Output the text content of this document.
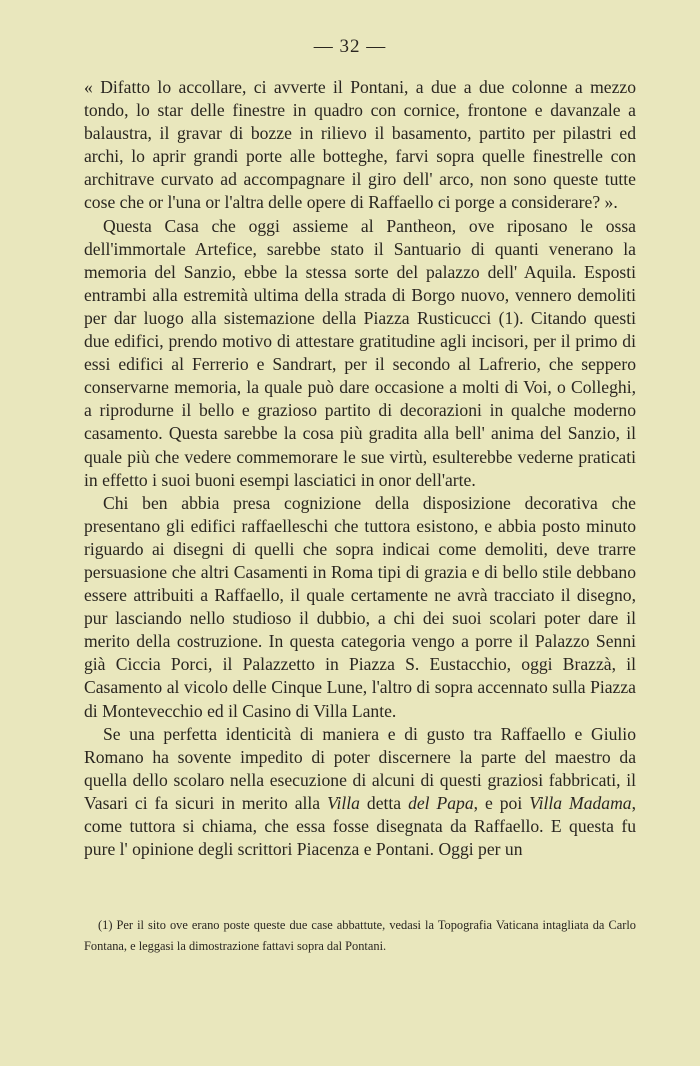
— 32 —

« Difatto lo accollare, ci avverte il Pontani, a due a due colonne a mezzo tondo, lo star delle finestre in quadro con cornice, frontone e davanzale a balaustra, il gravar di bozze in rilievo il basamento, partito per pilastri ed archi, lo aprir grandi porte alle botteghe, farvi sopra quelle finestrelle con architrave curvato ad accompagnare il giro dell' arco, non sono queste tutte cose che or l'una or l'altra delle opere di Raffaello ci porge a considerare? ».

Questa Casa che oggi assieme al Pantheon, ove riposano le ossa dell'immortale Artefice, sarebbe stato il Santuario di quanti venerano la memoria del Sanzio, ebbe la stessa sorte del palazzo dell' Aquila. Esposti entrambi alla estremità ultima della strada di Borgo nuovo, vennero demoliti per dar luogo alla sistemazione della Piazza Rusticucci (1). Citando questi due edifici, prendo motivo di attestare gratitudine agli incisori, per il primo di essi edifici al Ferrerio e Sandrart, per il secondo al Lafrerio, che seppero conservarne memoria, la quale può dare occasione a molti di Voi, o Colleghi, a riprodurne il bello e grazioso partito di decorazioni in qualche moderno casamento. Questa sarebbe la cosa più gradita alla bell' anima del Sanzio, il quale più che vedere commemorare le sue virtù, esulterebbe vederne praticati in effetto i suoi buoni esempi lasciatici in onor dell'arte.

Chi ben abbia presa cognizione della disposizione decorativa che presentano gli edifici raffaelleschi che tuttora esistono, e abbia posto minuto riguardo ai disegni di quelli che sopra indicai come demoliti, deve trarre persuasione che altri Casamenti in Roma tipi di grazia e di bello stile debbano essere attribuiti a Raffaello, il quale certamente ne avrà tracciato il disegno, pur lasciando nello studioso il dubbio, a chi dei suoi scolari poter dare il merito della costruzione. In questa categoria vengo a porre il Palazzo Senni già Ciccia Porci, il Palazzetto in Piazza S. Eustacchio, oggi Brazzà, il Casamento al vicolo delle Cinque Lune, l'altro di sopra accennato sulla Piazza di Montevecchio ed il Casino di Villa Lante.

Se una perfetta identicità di maniera e di gusto tra Raffaello e Giulio Romano ha sovente impedito di poter discernere la parte del maestro da quella dello scolaro nella esecuzione di alcuni di questi graziosi fabbricati, il Vasari ci fa sicuri in merito alla Villa detta del Papa, e poi Villa Madama, come tuttora si chiama, che essa fosse disegnata da Raffaello. E questa fu pure l' opinione degli scrittori Piacenza e Pontani. Oggi per un

(1) Per il sito ove erano poste queste due case abbattute, vedasi la Topografia Vaticana intagliata da Carlo Fontana, e leggasi la dimostrazione fattavi sopra dal Pontani.
